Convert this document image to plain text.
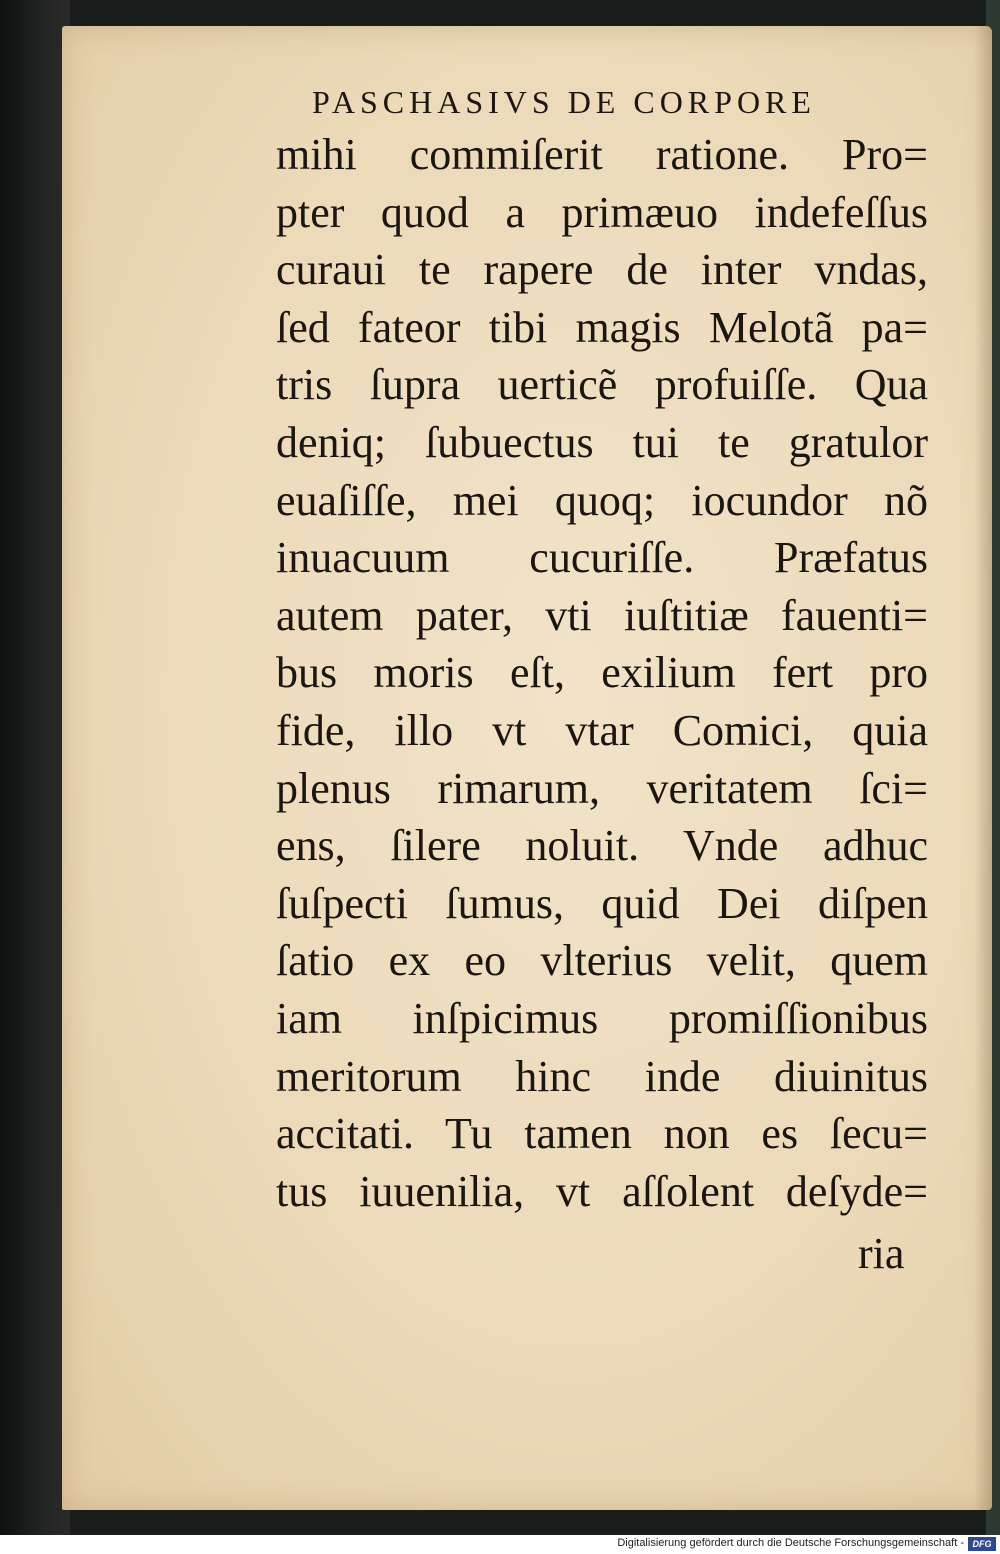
PASCHASIVS DE CORPORE
mihi commiſerit ratione. Pro=
pter quod a primæuo indefeſſus
curaui te rapere de inter vndas,
ſed fateor tibi magis Melotã pa=
tris ſupra uerticẽ profuiſſe. Qua
deniq; ſubuectus tui te gratulor
euaſiſſe, mei quoq; iocundor nõ
inuacuum cucuriſſe. Præfatus
autem pater, vti iuſtitiæ fauenti=
bus moris eſt, exilium fert pro
fide, illo vt vtar Comici, quia
plenus rimarum, veritatem ſci=
ens, ſilere noluit. Vnde adhuc
ſuſpecti ſumus, quid Dei diſpen
ſatio ex eo vlterius velit, quem
iam inſpicimus promiſſionibus
meritorum hinc inde diuinitus
accitati. Tu tamen non es ſecu=
tus iuuenilia, vt aſſolent deſyde=
ria
Digitalisierung gefördert durch die Deutsche Forschungsgemeinschaft - DFG
